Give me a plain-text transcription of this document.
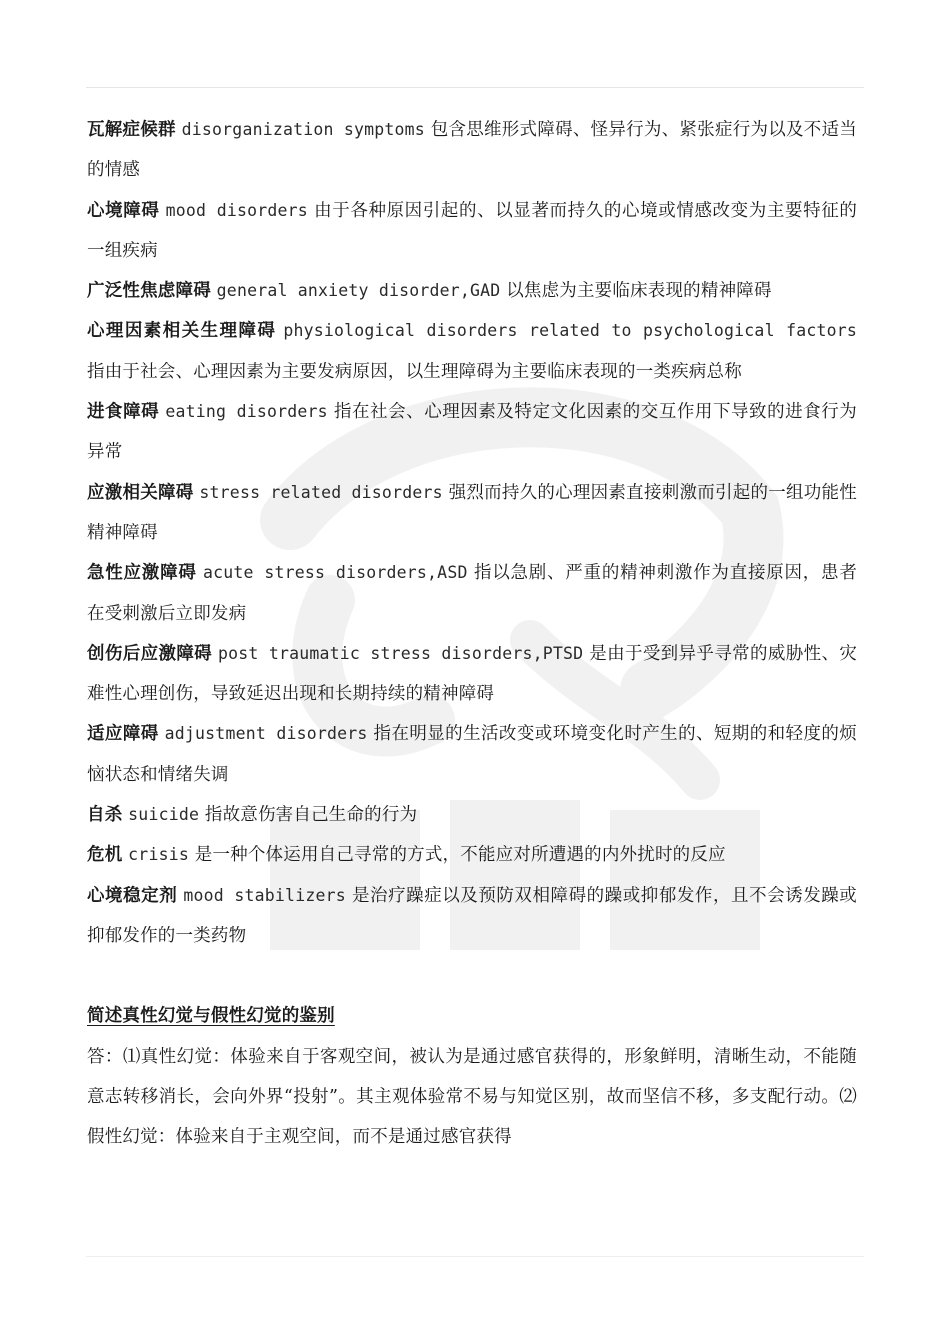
瓦解症候群 disorganization symptoms 包含思维形式障碍、怪异行为、紧张症行为以及不适当的情感

心境障碍 mood disorders 由于各种原因引起的、以显著而持久的心境或情感改变为主要特征的一组疾病

广泛性焦虑障碍 general anxiety disorder,GAD 以焦虑为主要临床表现的精神障碍

心理因素相关生理障碍 physiological disorders related to psychological factors 指由于社会、心理因素为主要发病原因，以生理障碍为主要临床表现的一类疾病总称

进食障碍 eating disorders 指在社会、心理因素及特定文化因素的交互作用下导致的进食行为异常

应激相关障碍 stress related disorders 强烈而持久的心理因素直接刺激而引起的一组功能性精神障碍

急性应激障碍 acute stress disorders,ASD 指以急剧、严重的精神刺激作为直接原因，患者在受刺激后立即发病

创伤后应激障碍 post traumatic stress disorders,PTSD 是由于受到异乎寻常的威胁性、灾难性心理创伤，导致延迟出现和长期持续的精神障碍

适应障碍 adjustment disorders 指在明显的生活改变或环境变化时产生的、短期的和轻度的烦恼状态和情绪失调

自杀 suicide 指故意伤害自己生命的行为

危机 crisis 是一种个体运用自己寻常的方式，不能应对所遭遇的内外扰时的反应

心境稳定剂 mood stabilizers 是治疗躁症以及预防双相障碍的躁或抑郁发作，且不会诱发躁或抑郁发作的一类药物

简述真性幻觉与假性幻觉的鉴别

答：⑴真性幻觉：体验来自于客观空间，被认为是通过感官获得的，形象鲜明，清晰生动，不能随意志转移消长，会向外界“投射”。其主观体验常不易与知觉区别，故而坚信不移，多支配行动。⑵假性幻觉：体验来自于主观空间，而不是通过感官获得
